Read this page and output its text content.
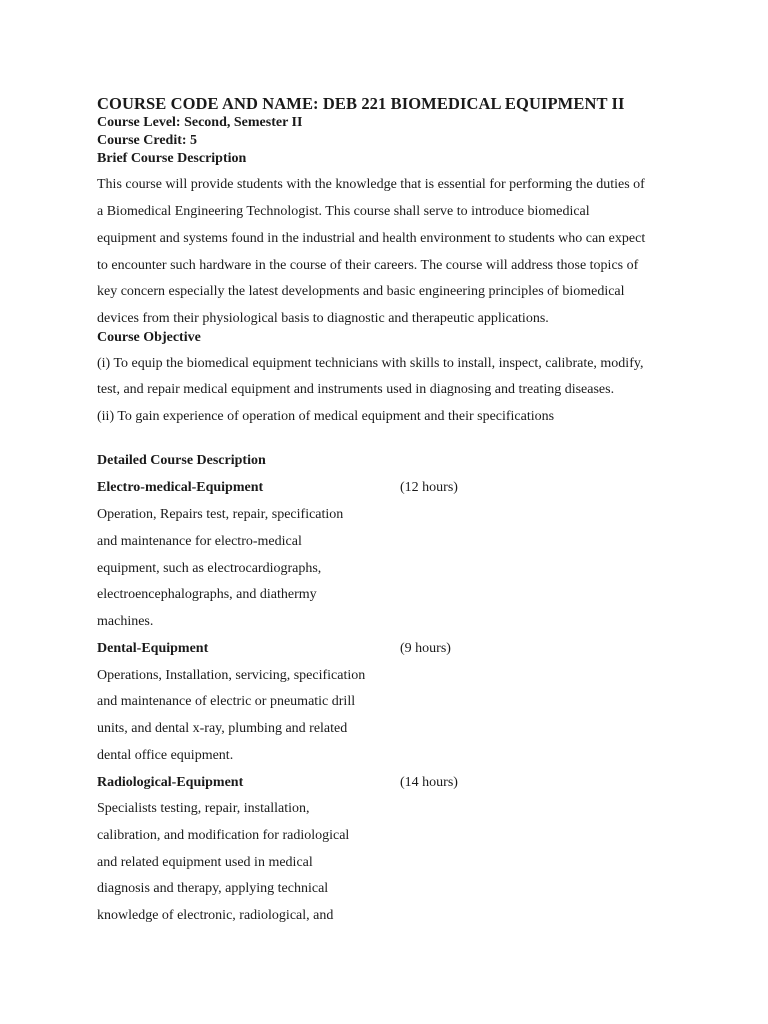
COURSE CODE AND NAME: DEB 221 BIOMEDICAL EQUIPMENT II
Course Level: Second, Semester II
Course Credit: 5
Brief Course Description
This course will provide students with the knowledge that is essential for performing the duties of
a Biomedical Engineering Technologist. This course shall serve to introduce biomedical
equipment and systems found in the industrial and health environment to students who can expect
to encounter such hardware in the course of their careers. The course will address those topics of
key concern especially the latest developments and basic engineering principles of biomedical
devices from their physiological basis to diagnostic and therapeutic applications.
Course Objective
(i) To equip the biomedical equipment technicians with skills to install, inspect, calibrate, modify,
test, and repair medical equipment and instruments used in diagnosing and treating diseases.
(ii) To gain experience of operation of medical equipment and their specifications
Detailed Course Description
Electro-medical-Equipment	(12 hours)
Operation, Repairs test, repair, specification
and maintenance for electro-medical
equipment, such as electrocardiographs,
electroencephalographs, and diathermy
machines.
Dental-Equipment	(9 hours)
Operations, Installation, servicing, specification
and maintenance of electric or pneumatic drill
units, and dental x-ray, plumbing and related
dental office equipment.
Radiological-Equipment	(14 hours)
Specialists testing, repair, installation,
calibration, and modification for radiological
and related equipment used in medical
diagnosis and therapy, applying technical
knowledge of electronic, radiological, and
